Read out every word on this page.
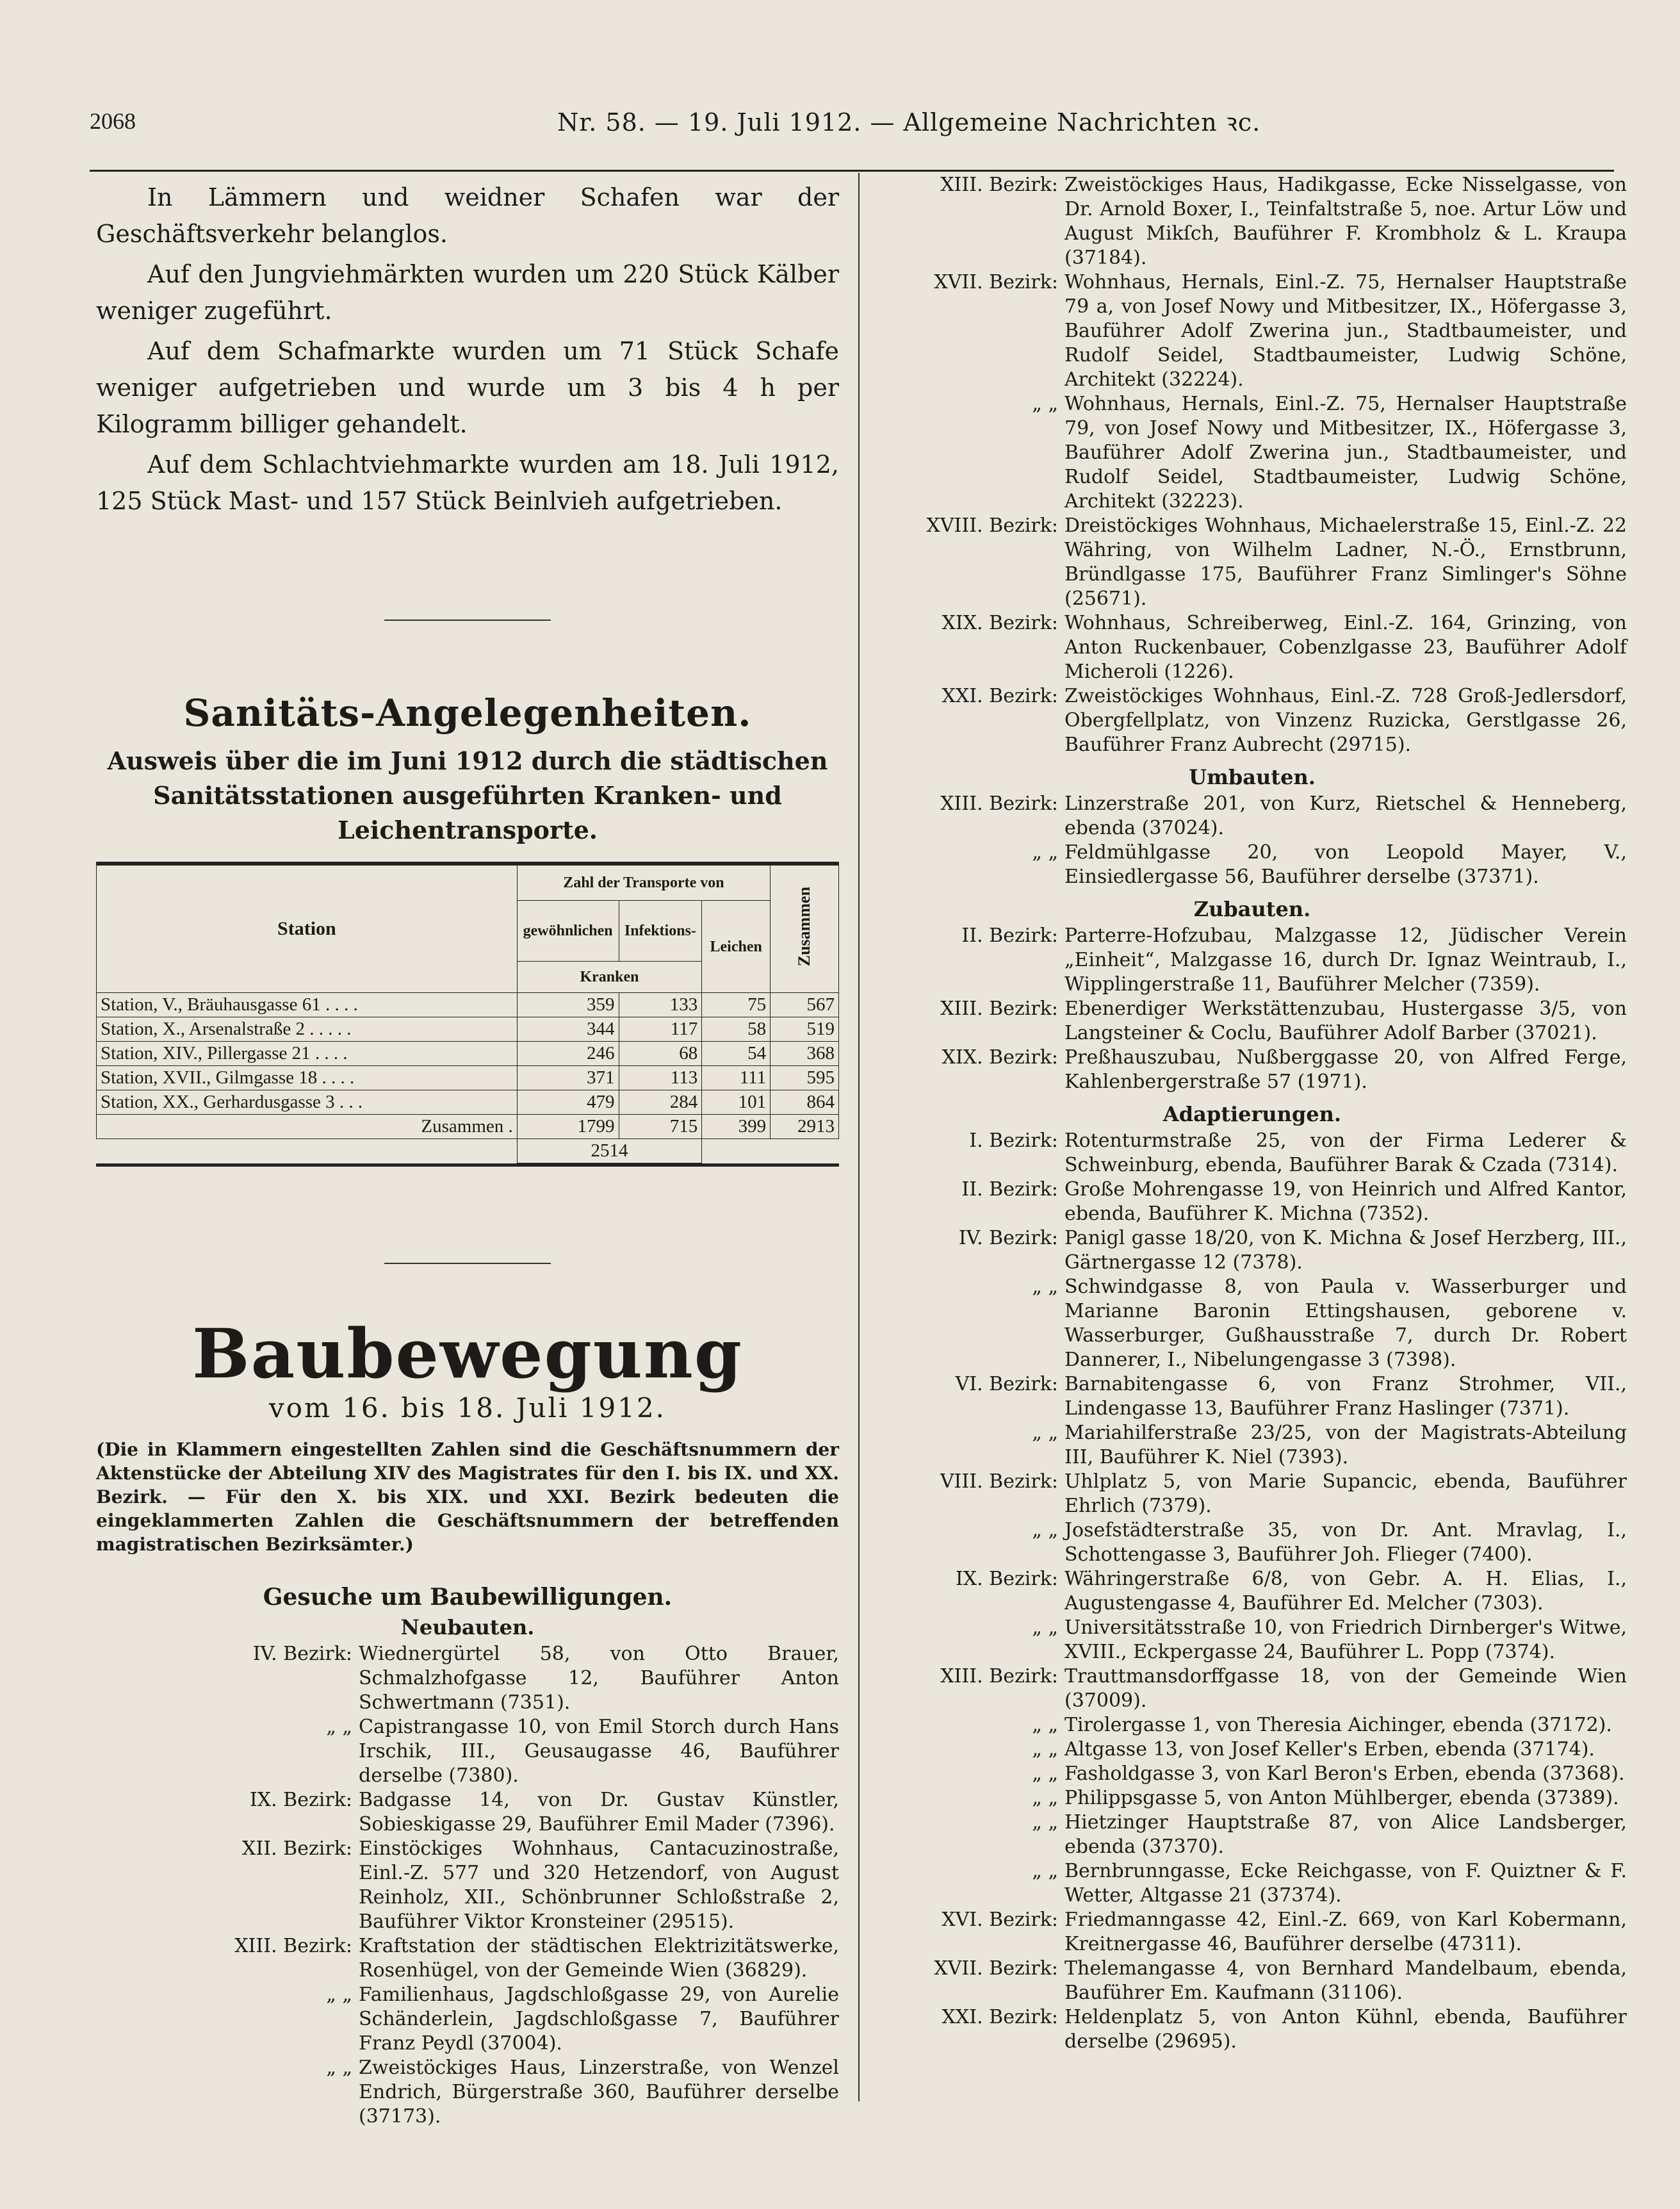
2068	Nr. 58. — 19. Juli 1912. — Allgemeine Nachrichten ꝛc.

In Lämmern und weidner Schafen war der Geschäftsverkehr belanglos.

Auf den Jungviehmärkten wurden um 220 Stück Kälber weniger zugeführt.

Auf dem Schafmarkte wurden um 71 Stück Schafe weniger aufgetrieben und wurde um 3 bis 4 h per Kilogramm billiger gehandelt.

Auf dem Schlachtviehmarkte wurden am 18. Juli 1912, 125 Stück Mast- und 157 Stück Beinlvieh aufgetrieben.

Sanitäts-Angelegenheiten.

Ausweis über die im Juni 1912 durch die städtischen Sanitätsstationen ausgeführten Kranken- und Leichentransporte.

Station	Zahl der Transporte von			Zusammen
	gewöhnlichen	Infektions-	Leichen	
	Kranken			
Station, V., Bräuhausgasse 61 . . . .	359	133	75	567
Station, X., Arsenalstraße 2 . . . . .	344	117	58	519
Station, XIV., Pillergasse 21 . . . .	246	68	54	368
Station, XVII., Gilmgasse 18 . . . .	371	113	111	595
Station, XX., Gerhardusgasse 3 . . .	479	284	101	864
Zusammen .	1799	715	399	2913
	2514			
Baubewegung

vom 16. bis 18. Juli 1912.

(Die in Klammern eingestellten Zahlen sind die Geschäftsnummern der Aktenstücke der Abteilung XIV des Magistrates für den I. bis IX. und XX. Bezirk. — Für den X. bis XIX. und XXI. Bezirk bedeuten die eingeklammerten Zahlen die Geschäftsnummern der betreffenden magistratischen Bezirksämter.)

Gesuche um Baubewilligungen.

Neubauten.

IV. Bezirk: Wiednergürtel 58, von Otto Brauer, Schmalzhofgasse 12, Bauführer Anton Schwertmann (7351).
„ „ Capistrangasse 10, von Emil Storch durch Hans Irschik, III., Geusaugasse 46, Bauführer derselbe (7380).
IX. Bezirk: Badgasse 14, von Dr. Gustav Künstler, Sobieskigasse 29, Bauführer Emil Mader (7396).
XII. Bezirk: Einstöckiges Wohnhaus, Cantacuzinostraße, Einl.-Z. 577 und 320 Hetzendorf, von August Reinholz, XII., Schönbrunner Schloßstraße 2, Bauführer Viktor Kronsteiner (29515).
XIII. Bezirk: Kraftstation der städtischen Elektrizitätswerke, Rosenhügel, von der Gemeinde Wien (36829).
„ „ Familienhaus, Jagdschloßgasse 29, von Aurelie Schänderlein, Jagdschloßgasse 7, Bauführer Franz Peydl (37004).
„ „ Zweistöckiges Haus, Linzerstraße, von Wenzel Endrich, Bürgerstraße 360, Bauführer derselbe (37173).
XIII. Bezirk: Zweistöckiges Haus, Hadikgasse, Ecke Nisselgasse, von Dr. Arnold Boxer, I., Teinfaltstraße 5, noe. Artur Löw und August Mikſch, Bauführer F. Krombholz & L. Kraupa (37184).
XVII. Bezirk: Wohnhaus, Hernals, Einl.-Z. 75, Hernalser Hauptstraße 79 a, von Josef Nowy und Mitbesitzer, IX., Höfergasse 3, Bauführer Adolf Zwerina jun., Stadtbaumeister, und Rudolf Seidel, Stadtbaumeister, Ludwig Schöne, Architekt (32224).
„ „ Wohnhaus, Hernals, Einl.-Z. 75, Hernalser Hauptstraße 79, von Josef Nowy und Mitbesitzer, IX., Höfergasse 3, Bauführer Adolf Zwerina jun., Stadtbaumeister, und Rudolf Seidel, Stadtbaumeister, Ludwig Schöne, Architekt (32223).
XVIII. Bezirk: Dreistöckiges Wohnhaus, Michaelerstraße 15, Einl.-Z. 22 Währing, von Wilhelm Ladner, N.-Ö., Ernstbrunn, Bründlgasse 175, Bauführer Franz Simlinger's Söhne (25671).
XIX. Bezirk: Wohnhaus, Schreiberweg, Einl.-Z. 164, Grinzing, von Anton Ruckenbauer, Cobenzlgasse 23, Bauführer Adolf Micheroli (1226).
XXI. Bezirk: Zweistöckiges Wohnhaus, Einl.-Z. 728 Groß-Jedlersdorf, Obergfellplatz, von Vinzenz Ruzicka, Gerstlgasse 26, Bauführer Franz Aubrecht (29715).

Umbauten.

XIII. Bezirk: Linzerstraße 201, von Kurz, Rietschel & Henneberg, ebenda (37024).
„ „ Feldmühlgasse 20, von Leopold Mayer, V., Einsiedlergasse 56, Bauführer derselbe (37371).

Zubauten.

II. Bezirk: Parterre-Hofzubau, Malzgasse 12, Jüdischer Verein „Einheit“, Malzgasse 16, durch Dr. Ignaz Weintraub, I., Wipplingerstraße 11, Bauführer Melcher (7359).
XIII. Bezirk: Ebenerdiger Werkstättenzubau, Hustergasse 3/5, von Langsteiner & Coclu, Bauführer Adolf Barber (37021).
XIX. Bezirk: Preßhauszubau, Nußberggasse 20, von Alfred Ferge, Kahlenbergerstraße 57 (1971).

Adaptierungen.

I. Bezirk: Rotenturmstraße 25, von der Firma Lederer & Schweinburg, ebenda, Bauführer Barak & Czada (7314).
II. Bezirk: Große Mohrengasse 19, von Heinrich und Alfred Kantor, ebenda, Bauführer K. Michna (7352).
IV. Bezirk: Panigl gasse 18/20, von K. Michna & Josef Herzberg, III., Gärtnergasse 12 (7378).
„ „ Schwindgasse 8, von Paula v. Wasserburger und Marianne Baronin Ettingshausen, geborene v. Wasserburger, Gußhausstraße 7, durch Dr. Robert Dannerer, I., Nibelungengasse 3 (7398).
VI. Bezirk: Barnabitengasse 6, von Franz Strohmer, VII., Lindengasse 13, Bauführer Franz Haslinger (7371).
„ „ Mariahilferstraße 23/25, von der Magistrats-Abteilung III, Bauführer K. Niel (7393).
VIII. Bezirk: Uhlplatz 5, von Marie Supancic, ebenda, Bauführer Ehrlich (7379).
„ „ Josefstädterstraße 35, von Dr. Ant. Mravlag, I., Schottengasse 3, Bauführer Joh. Flieger (7400).
IX. Bezirk: Währingerstraße 6/8, von Gebr. A. H. Elias, I., Augustengasse 4, Bauführer Ed. Melcher (7303).
„ „ Universitätsstraße 10, von Friedrich Dirnberger's Witwe, XVIII., Eckpergasse 24, Bauführer L. Popp (7374).
XIII. Bezirk: Trauttmansdorffgasse 18, von der Gemeinde Wien (37009).
„ „ Tirolergasse 1, von Theresia Aichinger, ebenda (37172).
„ „ Altgasse 13, von Josef Keller's Erben, ebenda (37174).
„ „ Fasholdgasse 3, von Karl Beron's Erben, ebenda (37368).
„ „ Philippsgasse 5, von Anton Mühlberger, ebenda (37389).
„ „ Hietzinger Hauptstraße 87, von Alice Landsberger, ebenda (37370).
„ „ Bernbrunngasse, Ecke Reichgasse, von F. Quiztner & F. Wetter, Altgasse 21 (37374).
XVI. Bezirk: Friedmanngasse 42, Einl.-Z. 669, von Karl Kobermann, Kreitnergasse 46, Bauführer derselbe (47311).
XVII. Bezirk: Thelemangasse 4, von Bernhard Mandelbaum, ebenda, Bauführer Em. Kaufmann (31106).
XXI. Bezirk: Heldenplatz 5, von Anton Kühnl, ebenda, Bauführer derselbe (29695).
